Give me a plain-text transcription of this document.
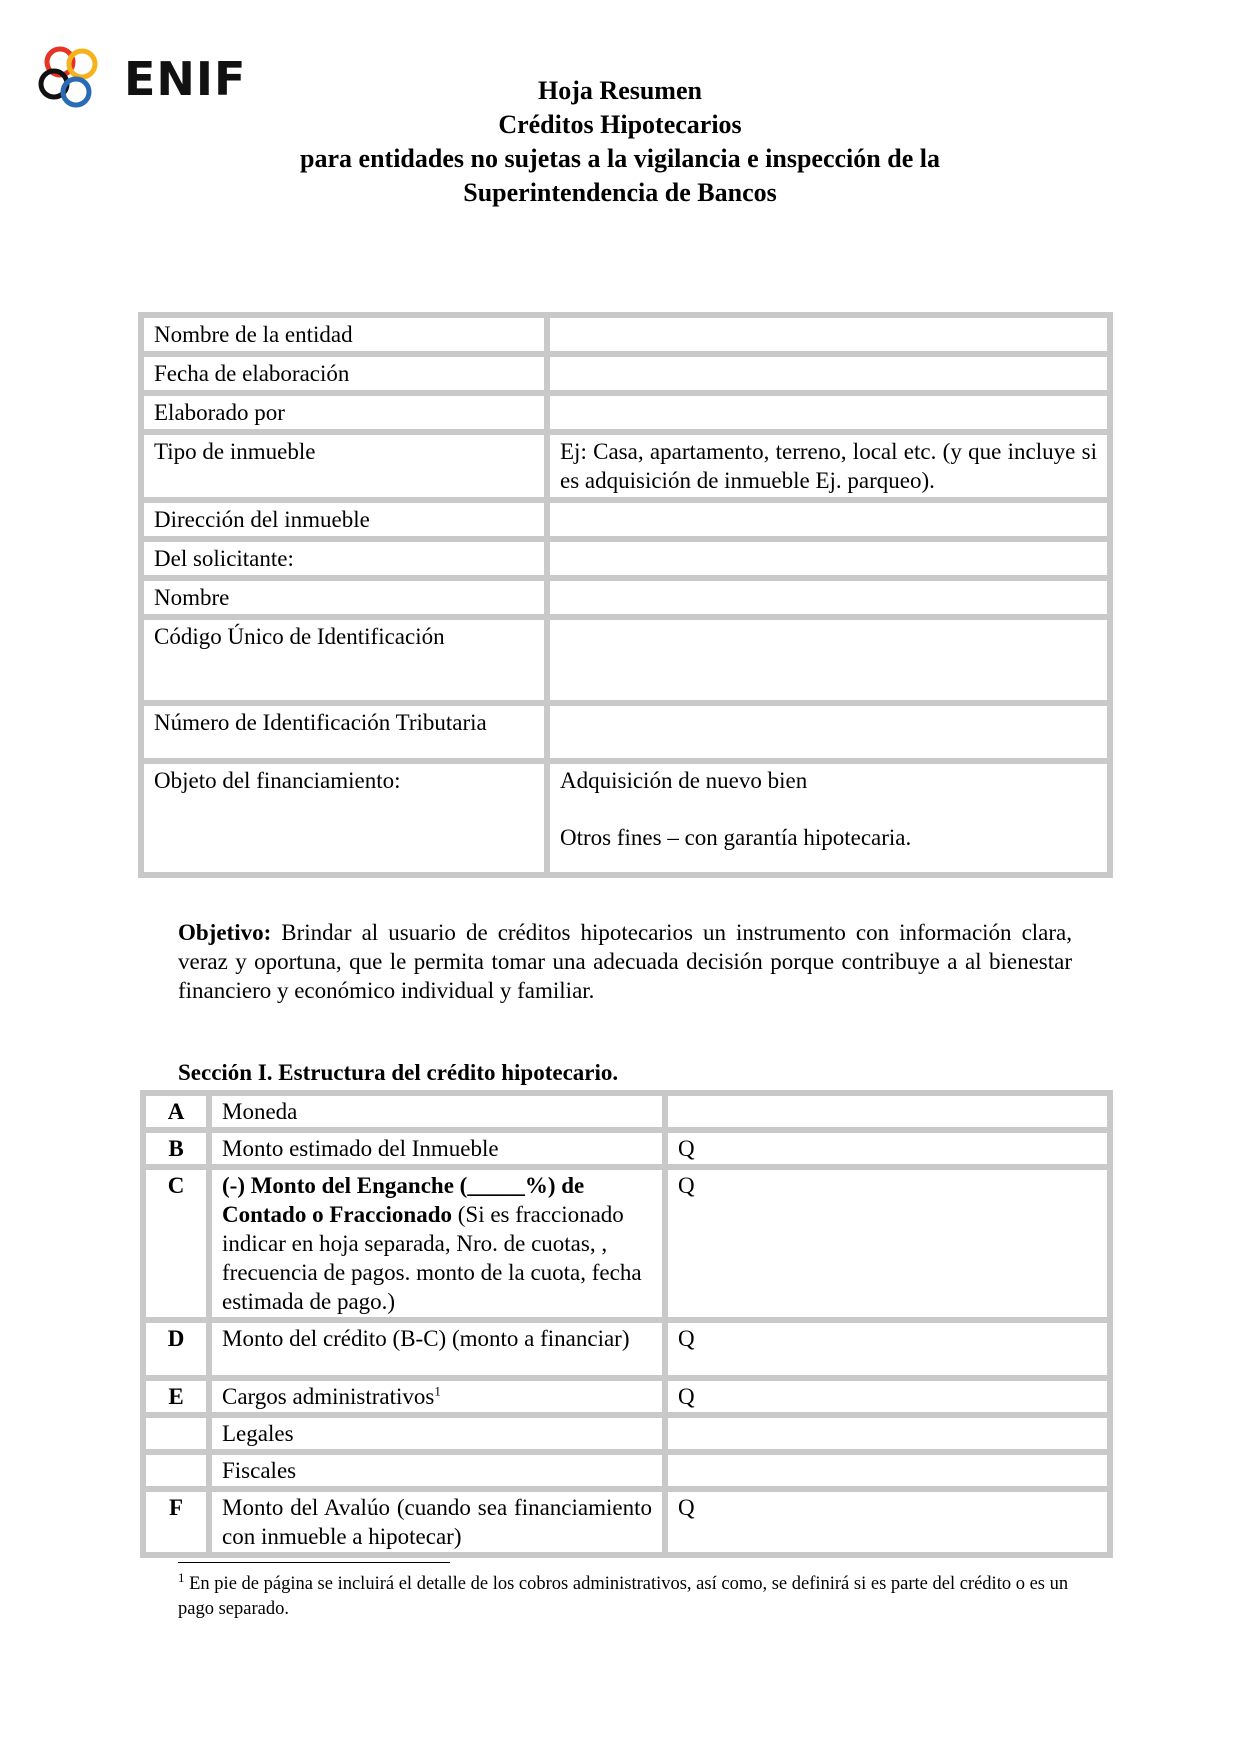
ENIF	Hoja Resumen
Créditos Hipotecarios
para entidades no sujetas a la vigilancia e inspección de la
Superintendencia de Bancos
Nombre de la entidad	
Fecha de elaboración	
Elaborado por	
Tipo de inmueble	Ej: Casa, apartamento, terreno, local etc. (y que incluye si es adquisición de inmueble Ej. parqueo).
Dirección del inmueble	
Del solicitante:	
Nombre	
Código Único de Identificación	
Número de Identificación Tributaria	
Objeto del financiamiento:	Adquisición de nuevo bien
Otros fines – con garantía hipotecaria.
Objetivo: Brindar al usuario de créditos hipotecarios un instrumento con información clara, veraz y oportuna, que le permita tomar una adecuada decisión porque contribuye a al bienestar financiero y económico individual y familiar.
Sección I. Estructura del crédito hipotecario.
A	Moneda	
B	Monto estimado del Inmueble	Q
C	(-) Monto del Enganche (_____%) de Contado o Fraccionado (Si es fraccionado indicar en hoja separada, Nro. de cuotas, , frecuencia de pagos. monto de la cuota, fecha estimada de pago.)	Q
D	Monto del crédito (B-C) (monto a financiar)	Q
E	Cargos administrativos$^1$	Q
	Legales	
	Fiscales	
F	Monto del Avalúo (cuando sea financiamiento con inmueble a hipotecar)	Q
$^1$ En pie de página se incluirá el detalle de los cobros administrativos, así como, se definirá si es parte del crédito o es un pago separado.
